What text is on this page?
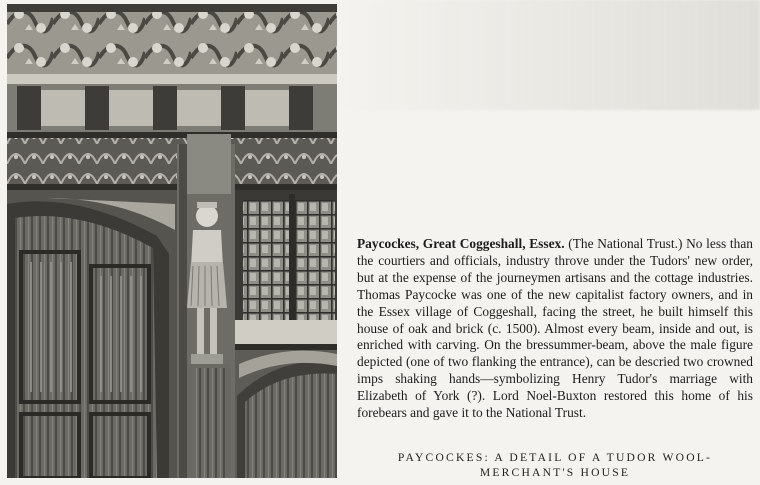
Paycockes, Great Coggeshall, Essex. (The National Trust.) No less than the courtiers and officials, industry throve under the Tudors' new order, but at the expense of the journeymen artisans and the cottage industries. Thomas Paycocke was one of the new capitalist factory owners, and in the Essex village of Coggeshall, facing the street, he built himself this house of oak and brick (c. 1500). Almost every beam, inside and out, is enriched with carving. On the bressummer-beam, above the male figure depicted (one of two flanking the entrance), can be descried two crowned imps shaking hands—symbolizing Henry Tudor's marriage with Elizabeth of York (?). Lord Noel-Buxton restored this home of his forebears and gave it to the National Trust.
PAYCOCKES: A DETAIL OF A TUDOR WOOL-
MERCHANT'S HOUSE
